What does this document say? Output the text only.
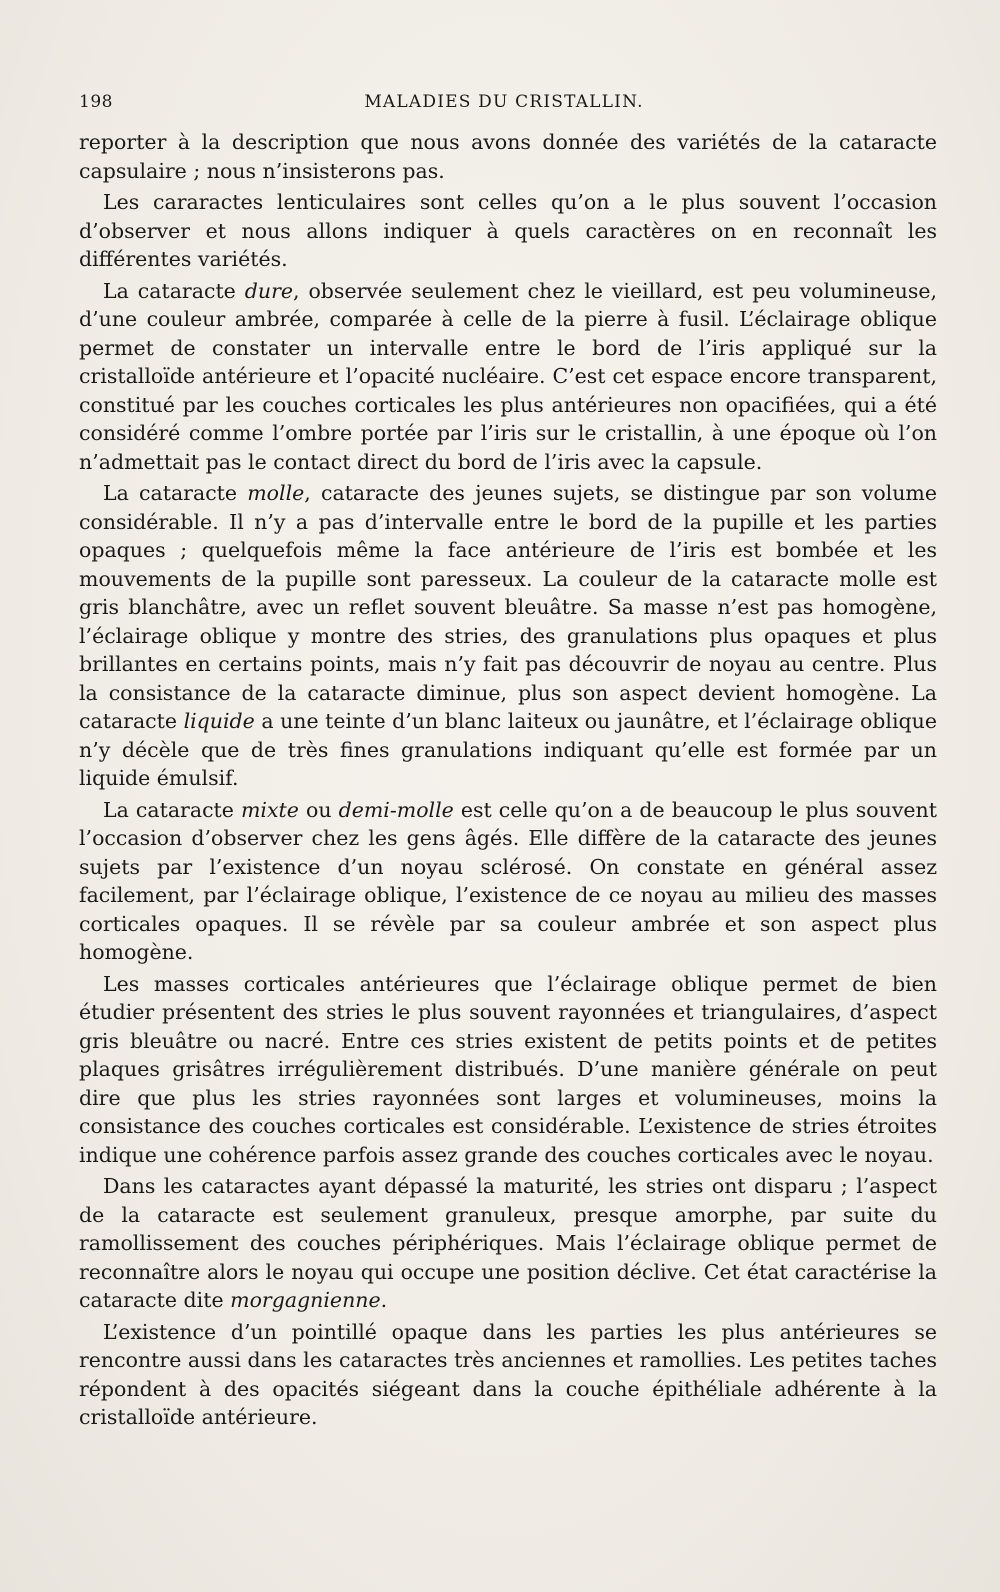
198	MALADIES DU CRISTALLIN.

reporter à la description que nous avons donnée des variétés de la cataracte capsulaire ; nous n’insisterons pas.

Les cararactes lenticulaires sont celles qu’on a le plus souvent l’occasion d’observer et nous allons indiquer à quels caractères on en reconnaît les différentes variétés.

La cataracte dure, observée seulement chez le vieillard, est peu volumineuse, d’une couleur ambrée, comparée à celle de la pierre à fusil. L’éclairage oblique permet de constater un intervalle entre le bord de l’iris appliqué sur la cristalloïde antérieure et l’opacité nucléaire. C’est cet espace encore transparent, constitué par les couches corticales les plus antérieures non opacifiées, qui a été considéré comme l’ombre portée par l’iris sur le cristallin, à une époque où l’on n’admettait pas le contact direct du bord de l’iris avec la capsule.

La cataracte molle, cataracte des jeunes sujets, se distingue par son volume considérable. Il n’y a pas d’intervalle entre le bord de la pupille et les parties opaques ; quelquefois même la face antérieure de l’iris est bombée et les mouvements de la pupille sont paresseux. La couleur de la cataracte molle est gris blanchâtre, avec un reflet souvent bleuâtre. Sa masse n’est pas homogène, l’éclairage oblique y montre des stries, des granulations plus opaques et plus brillantes en certains points, mais n’y fait pas découvrir de noyau au centre. Plus la consistance de la cataracte diminue, plus son aspect devient homogène. La cataracte liquide a une teinte d’un blanc laiteux ou jaunâtre, et l’éclairage oblique n’y décèle que de très fines granulations indiquant qu’elle est formée par un liquide émulsif.

La cataracte mixte ou demi-molle est celle qu’on a de beaucoup le plus souvent l’occasion d’observer chez les gens âgés. Elle diffère de la cataracte des jeunes sujets par l’existence d’un noyau sclérosé. On constate en général assez facilement, par l’éclairage oblique, l’existence de ce noyau au milieu des masses corticales opaques. Il se révèle par sa couleur ambrée et son aspect plus homogène.

Les masses corticales antérieures que l’éclairage oblique permet de bien étudier présentent des stries le plus souvent rayonnées et triangulaires, d’aspect gris bleuâtre ou nacré. Entre ces stries existent de petits points et de petites plaques grisâtres irrégulièrement distribués. D’une manière générale on peut dire que plus les stries rayonnées sont larges et volumineuses, moins la consistance des couches corticales est considérable. L’existence de stries étroites indique une cohérence parfois assez grande des couches corticales avec le noyau.

Dans les cataractes ayant dépassé la maturité, les stries ont disparu ; l’aspect de la cataracte est seulement granuleux, presque amorphe, par suite du ramollissement des couches périphériques. Mais l’éclairage oblique permet de reconnaître alors le noyau qui occupe une position déclive. Cet état caractérise la cataracte dite morgagnienne.

L’existence d’un pointillé opaque dans les parties les plus antérieures se rencontre aussi dans les cataractes très anciennes et ramollies. Les petites taches répondent à des opacités siégeant dans la couche épithéliale adhérente à la cristalloïde antérieure.
